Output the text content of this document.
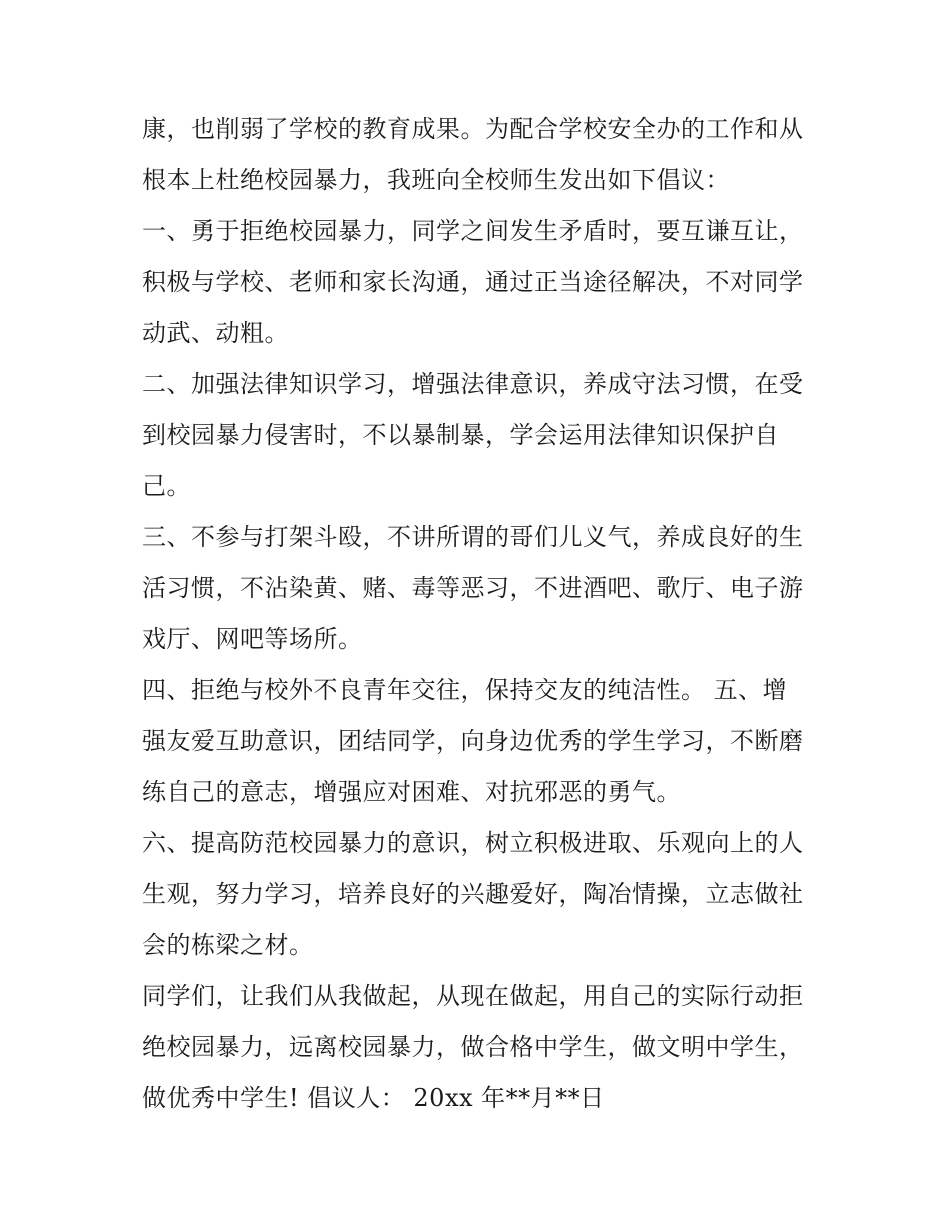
康，也削弱了学校的教育成果。为配合学校安全办的工作和从
根本上杜绝校园暴力，我班向全校师生发出如下倡议：

一、勇于拒绝校园暴力，同学之间发生矛盾时，要互谦互让，
积极与学校、老师和家长沟通，通过正当途径解决，不对同学
动武、动粗。

二、加强法律知识学习，增强法律意识，养成守法习惯，在受
到校园暴力侵害时，不以暴制暴，学会运用法律知识保护自
己。

三、不参与打架斗殴，不讲所谓的哥们儿义气，养成良好的生
活习惯，不沾染黄、赌、毒等恶习，不进酒吧、歌厅、电子游
戏厅、网吧等场所。

四、拒绝与校外不良青年交往，保持交友的纯洁性。 五、增
强友爱互助意识，团结同学，向身边优秀的学生学习，不断磨
练自己的意志，增强应对困难、对抗邪恶的勇气。

六、提高防范校园暴力的意识，树立积极进取、乐观向上的人
生观，努力学习，培养良好的兴趣爱好，陶冶情操，立志做社
会的栋梁之材。

同学们，让我们从我做起，从现在做起，用自己的实际行动拒
绝校园暴力，远离校园暴力，做合格中学生，做文明中学生，
做优秀中学生! 倡议人： 20xx 年**月**日
